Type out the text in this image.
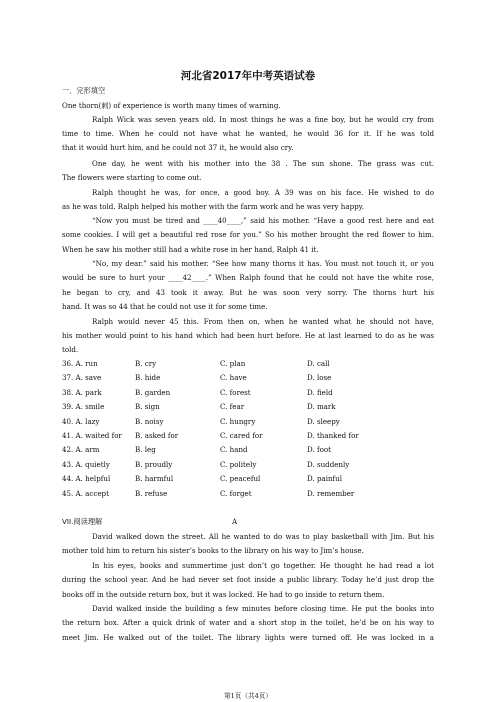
河北省2017年中考英语试卷
一．完形填空
One thorn(刺) of experience is worth many times of warning.
Ralph Wick was seven years old. In most things he was a fine boy, but he would cry from
time to time. When he could not have what he wanted, he would 36 for it. If he was told
that it would hurt him, and he could not 37 it, he would also cry.
One day, he went with his mother into the 38 . The sun shone. The grass was cut.
The flowers were starting to come out.
Ralph thought he was, for once, a good boy. A 39 was on his face. He wished to do
as he was told. Ralph helped his mother with the farm work and he was very happy.
“Now you must be tired and ____40____,” said his mother. “Have a good rest here and eat
some cookies. I will get a beautiful red rose for you.” So his mother brought the red flower to him.
When he saw his mother still had a white rose in her hand, Ralph 41 it.
“No, my dear.” said his mother. “See how many thorns it has. You must not touch it, or you
would be sure to hurt your ____42____.” When Ralph found that he could not have the white rose,
he began to cry, and 43 took it away. But he was soon very sorry. The thorns hurt his
hand. It was so 44 that he could not use it for some time.
Ralph would never 45 this. From then on, when he wanted what he should not have,
his mother would point to his hand which had been hurt before. He at last learned to do as he was
told.
36. A. run	B. cry	C. plan	D. call
37. A. save	B. hide	C. have	D. lose
38. A. park	B. garden	C. forest	D. field
39. A. smile	B. sign	C. fear	D. mark
40. A. lazy	B. noisy	C. hungry	D. sleepy
41. A. waited for B. asked for	C. cared for	D. thanked for
42. A. arm	B. leg	C. hand	D. foot
43. A. quietly	B. proudly	C. politely	D. suddenly
44. A. helpful	B. harmful	C. peaceful	D. painful
45. A. accept	B. refuse	C. forget	D. remember
VII.阅读理解	A
David walked down the street. All he wanted to do was to play basketball with Jim. But his
mother told him to return his sister’s books to the library on his way to Jim’s house.
In his eyes, books and summertime just don’t go together. He thought he had read a lot
during the school year. And he had never set foot inside a public library. Today he’d just drop the
books off in the outside return box, but it was locked. He had to go inside to return them.
David walked inside the building a few minutes before closing time. He put the books into
the return box. After a quick drink of water and a short stop in the toilet, he’d be on his way to
meet Jim. He walked out of the toilet. The library lights were turned off. He was locked in a
第1页（共4页）
